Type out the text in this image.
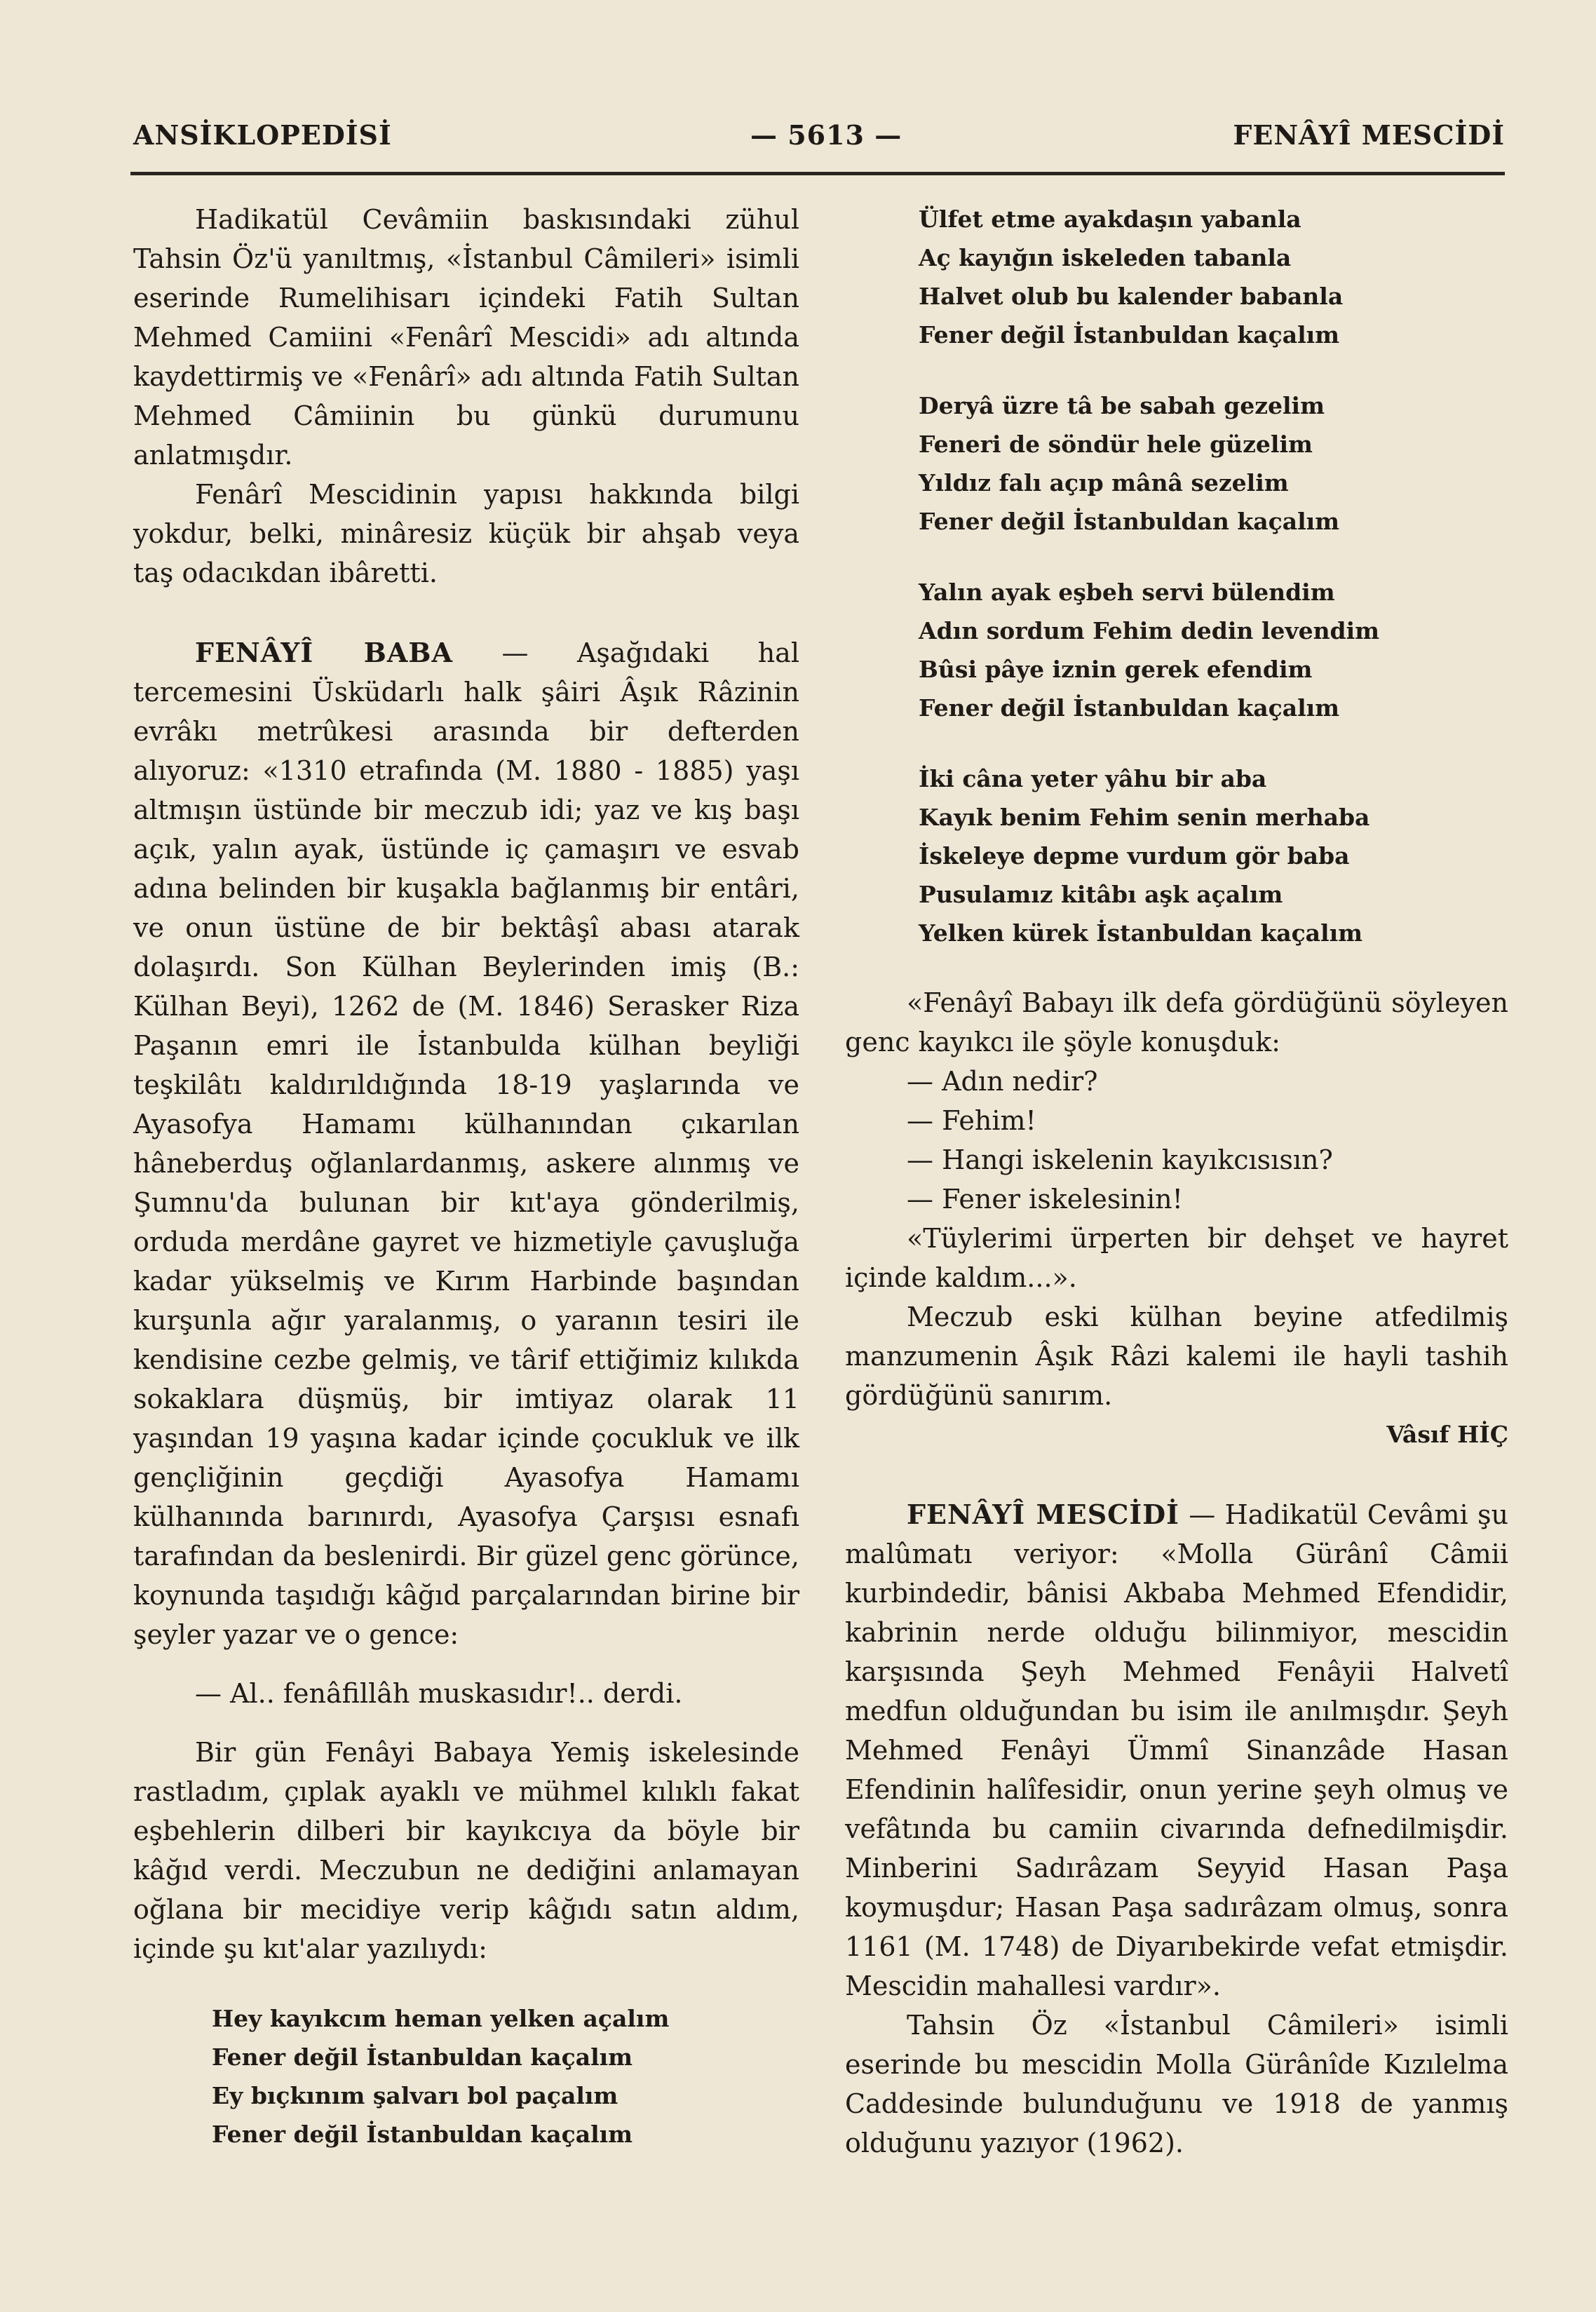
ANSİKLOPEDİSİ	— 5613 —	FENÂYÎ MESCİDİ

Hadikatül Cevâmiin baskısındaki zühul Tahsin Öz'ü yanıltmış, «İstanbul Câmileri» isimli eserinde Rumelihisarı içindeki Fatih Sultan Mehmed Camiini «Fenârî Mescidi» adı altında kaydettirmiş ve «Fenârî» adı altında Fatih Sultan Mehmed Câmiinin bu günkü durumunu anlatmışdır.

Fenârî Mescidinin yapısı hakkında bilgi yokdur, belki, minâresiz küçük bir ahşab veya taş odacıkdan ibâretti.

FENÂYÎ BABA — Aşağıdaki hal tercemesini Üsküdarlı halk şâiri Âşık Râzinin evrâkı metrûkesi arasında bir defterden alıyoruz: «1310 etrafında (M. 1880 - 1885) yaşı altmışın üstünde bir meczub idi; yaz ve kış başı açık, yalın ayak, üstünde iç çamaşırı ve esvab adına belinden bir kuşakla bağlanmış bir entâri, ve onun üstüne de bir bektâşî abası atarak dolaşırdı. Son Külhan Beylerinden imiş (B.: Külhan Beyi), 1262 de (M. 1846) Serasker Riza Paşanın emri ile İstanbulda külhan beyliği teşkilâtı kaldırıldığında 18-19 yaşlarında ve Ayasofya Hamamı külhanından çıkarılan hâneberduş oğlanlardanmış, askere alınmış ve Şumnu'da bulunan bir kıt'aya gönderilmiş, orduda merdâne gayret ve hizmetiyle çavuşluğa kadar yükselmiş ve Kırım Harbinde başından kurşunla ağır yaralanmış, o yaranın tesiri ile kendisine cezbe gelmiş, ve târif ettiğimiz kılıkda sokaklara düşmüş, bir imtiyaz olarak 11 yaşından 19 yaşına kadar içinde çocukluk ve ilk gençliğinin geçdiği Ayasofya Hamamı külhanında barınırdı, Ayasofya Çarşısı esnafı tarafından da beslenirdi. Bir güzel genc görünce, koynunda taşıdığı kâğıd parçalarından birine bir şeyler yazar ve o gence:

— Al.. fenâfillâh muskasıdır!.. derdi.

Bir gün Fenâyi Babaya Yemiş iskelesinde rastladım, çıplak ayaklı ve mühmel kılıklı fakat eşbehlerin dilberi bir kayıkcıya da böyle bir kâğıd verdi. Meczubun ne dediğini anlamayan oğlana bir mecidiye verip kâğıdı satın aldım, içinde şu kıt'alar yazılıydı:

Hey kayıkcım heman yelken açalım
Fener değil İstanbuldan kaçalım
Ey bıçkınım şalvarı bol paçalım
Fener değil İstanbuldan kaçalım
Ülfet etme ayakdaşın yabanla
Aç kayığın iskeleden tabanla
Halvet olub bu kalender babanla
Fener değil İstanbuldan kaçalım
Deryâ üzre tâ be sabah gezelim
Feneri de söndür hele güzelim
Yıldız falı açıp mânâ sezelim
Fener değil İstanbuldan kaçalım
Yalın ayak eşbeh servi bülendim
Adın sordum Fehim dedin levendim
Bûsi pâye iznin gerek efendim
Fener değil İstanbuldan kaçalım
İki câna yeter yâhu bir aba
Kayık benim Fehim senin merhaba
İskeleye depme vurdum gör baba
Pusulamız kitâbı aşk açalım
Yelken kürek İstanbuldan kaçalım

«Fenâyî Babayı ilk defa gördüğünü söyleyen genc kayıkcı ile şöyle konuşduk:

— Adın nedir?

— Fehim!

— Hangi iskelenin kayıkcısısın?

— Fener iskelesinin!

«Tüylerimi ürperten bir dehşet ve hayret içinde kaldım...».

Meczub eski külhan beyine atfedilmiş manzumenin Âşık Râzi kalemi ile hayli tashih gördüğünü sanırım.

Vâsıf HİÇ

FENÂYÎ MESCİDİ — Hadikatül Cevâmi şu malûmatı veriyor: «Molla Gürânî Câmii kurbindedir, bânisi Akbaba Mehmed Efendidir, kabrinin nerde olduğu bilinmiyor, mescidin karşısında Şeyh Mehmed Fenâyii Halvetî medfun olduğundan bu isim ile anılmışdır. Şeyh Mehmed Fenâyi Ümmî Sinanzâde Hasan Efendinin halîfesidir, onun yerine şeyh olmuş ve vefâtında bu camiin civarında defnedilmişdir. Minberini Sadırâzam Seyyid Hasan Paşa koymuşdur; Hasan Paşa sadırâzam olmuş, sonra 1161 (M. 1748) de Diyarıbekirde vefat etmişdir. Mescidin mahallesi vardır».

Tahsin Öz «İstanbul Câmileri» isimli eserinde bu mescidin Molla Gürânîde Kızılelma Caddesinde bulunduğunu ve 1918 de yanmış olduğunu yazıyor (1962).
